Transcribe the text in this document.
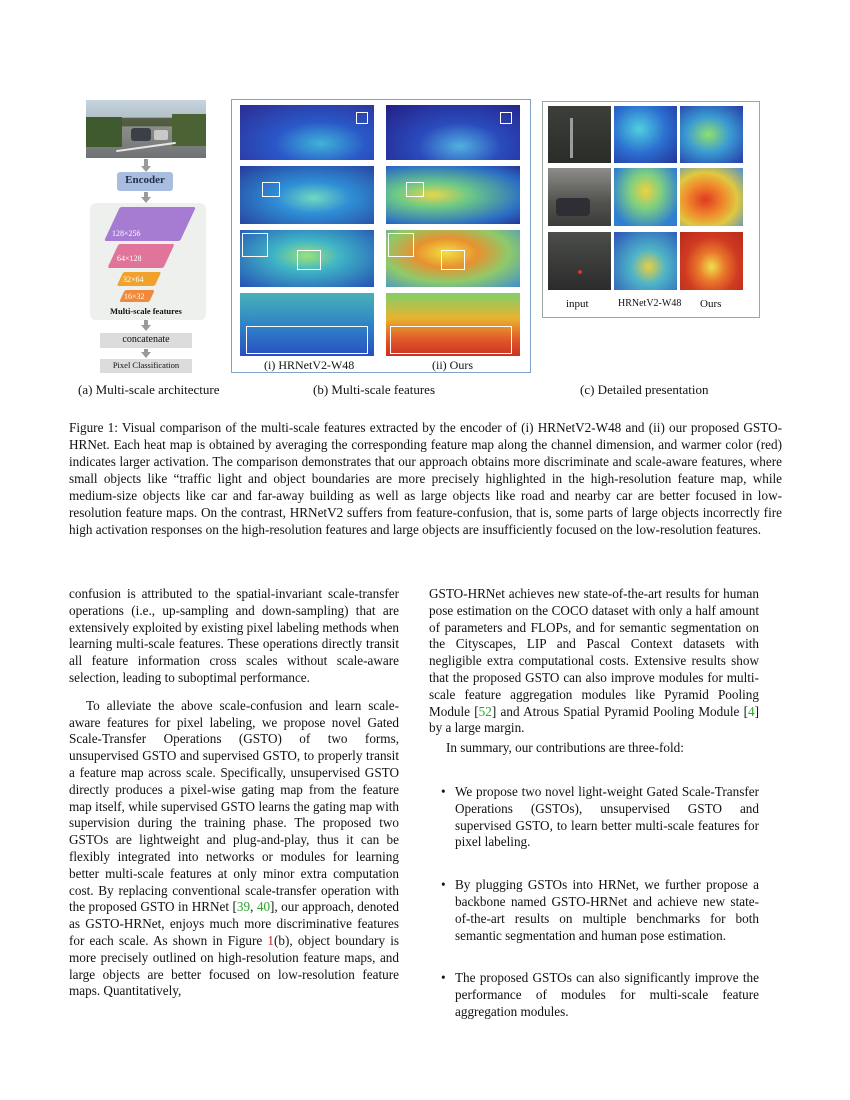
Encoder
128×256
64×128
32×64
16×32
Multi-scale features
concatenate
Pixel Classification
(a) Multi-scale architecture
(i) HRNetV2-W48	(ii) Ours
(b) Multi-scale features
input	HRNetV2-W48 Ours
(c) Detailed presentation
Figure 1: Visual comparison of the multi-scale features extracted by the encoder of (i) HRNetV2-W48 and (ii) our proposed GSTO-HRNet. Each heat map is obtained by averaging the corresponding feature map along the channel dimension, and warmer color (red) indicates larger activation. The comparison demonstrates that our approach obtains more discriminate and scale-aware features, where small objects like “traffic light and object boundaries are more precisely highlighted in the high-resolution feature map, while medium-size objects like car and far-away building as well as large objects like road and nearby car are better focused in low-resolution feature maps. On the contrast, HRNetV2 suffers from feature-confusion, that is, some parts of large objects incorrectly fire high activation responses on the high-resolution features and large objects are insufficiently focused on the low-resolution features.

confusion is attributed to the spatial-invariant scale-transfer operations (i.e., up-sampling and down-sampling) that are extensively exploited by existing pixel labeling methods when learning multi-scale features. These operations directly transit all feature information cross scales without scale-aware selection, leading to suboptimal performance.

To alleviate the above scale-confusion and learn scale-aware features for pixel labeling, we propose novel Gated Scale-Transfer Operations (GSTO) of two forms, unsupervised GSTO and supervised GSTO, to properly transit a feature map across scale. Specifically, unsupervised GSTO directly produces a pixel-wise gating map from the feature map itself, while supervised GSTO learns the gating map with supervision during the training phase. The proposed two GSTOs are lightweight and plug-and-play, thus it can be flexibly integrated into networks or modules for learning better multi-scale features at only minor extra computation cost. By replacing conventional scale-transfer operation with the proposed GSTO in HRNet [39, 40], our approach, denoted as GSTO-HRNet, enjoys much more discriminative features for each scale. As shown in Figure 1(b), object boundary is more precisely outlined on high-resolution feature maps, and large objects are better focused on low-resolution feature maps. Quantitatively,

GSTO-HRNet achieves new state-of-the-art results for human pose estimation on the COCO dataset with only a half amount of parameters and FLOPs, and for semantic segmentation on the Cityscapes, LIP and Pascal Context datasets with negligible extra computational costs. Extensive results show that the proposed GSTO can also improve modules for multi-scale feature aggregation modules like Pyramid Pooling Module [52] and Atrous Spatial Pyramid Pooling Module [4] by a large margin.

In summary, our contributions are three-fold:

• We propose two novel light-weight Gated Scale-Transfer Operations (GSTOs), unsupervised GSTO and supervised GSTO, to learn better multi-scale features for pixel labeling.
• By plugging GSTOs into HRNet, we further propose a backbone named GSTO-HRNet and achieve new state-of-the-art results on multiple benchmarks for both semantic segmentation and human pose estimation.
• The proposed GSTOs can also significantly improve the performance of modules for multi-scale feature aggregation modules.
